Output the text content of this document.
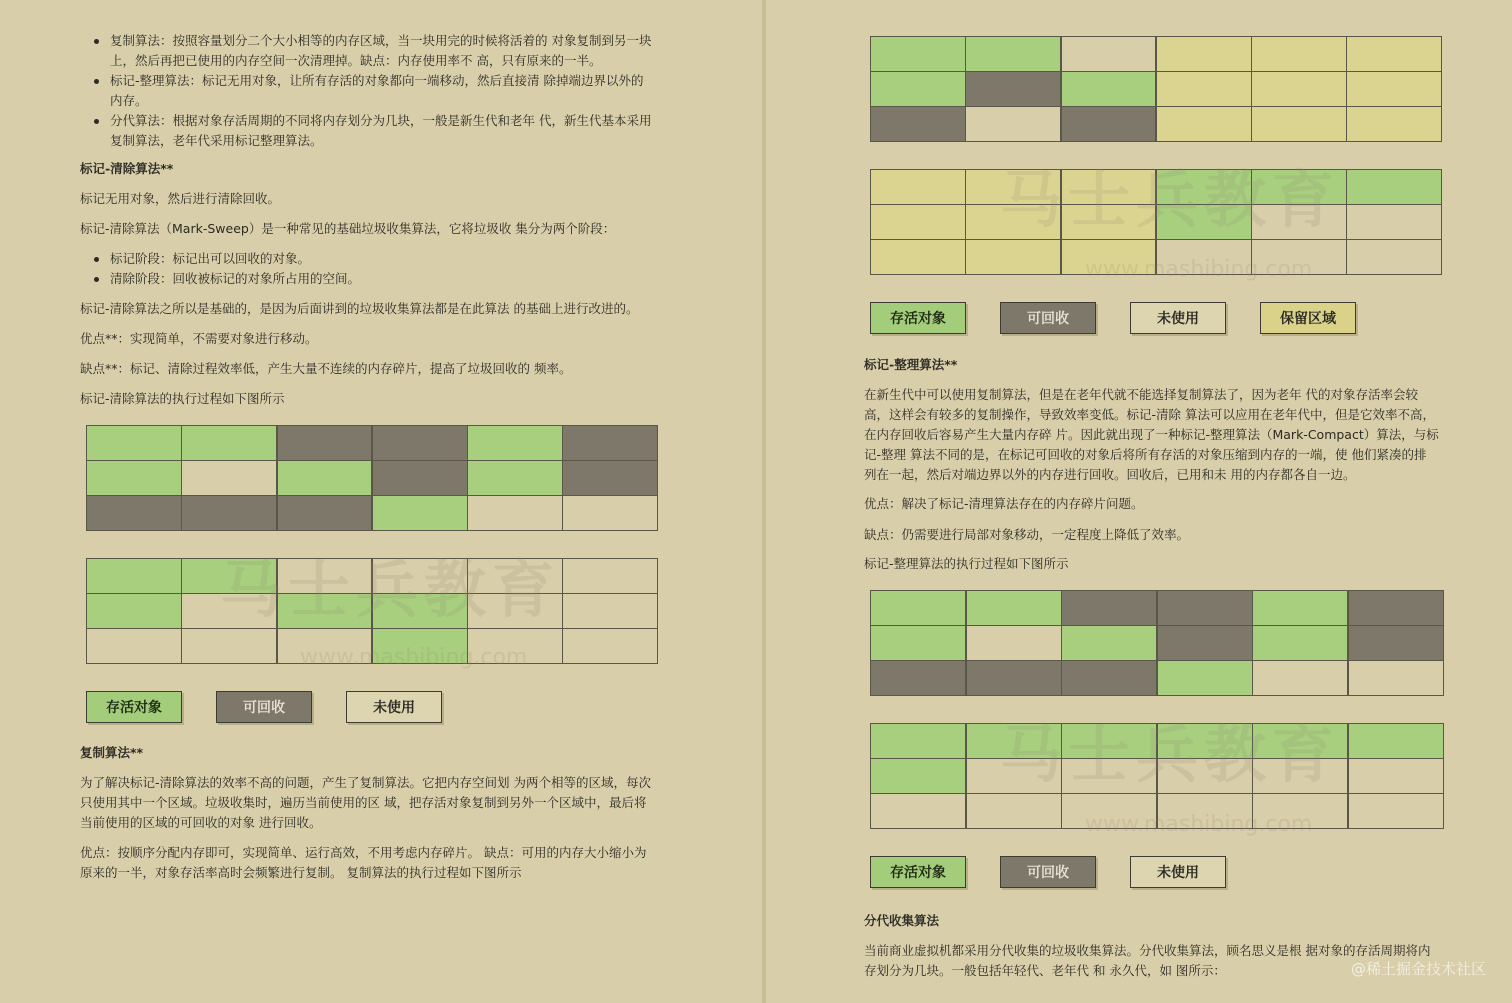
复制算法：按照容量划分二个大小相等的内存区域，当一块用完的时候将活着的 对象复制到另一块
上，然后再把已使用的内存空间一次清理掉。缺点：内存使用率不 高，只有原来的一半。
标记-整理算法：标记无用对象，让所有存活的对象都向一端移动，然后直接清 除掉端边界以外的
内存。
分代算法：根据对象存活周期的不同将内存划分为几块，一般是新生代和老年 代，新生代基本采用
复制算法，老年代采用标记整理算法。
标记-清除算法**
标记无用对象，然后进行清除回收。
标记-清除算法（Mark-Sweep）是一种常见的基础垃圾收集算法，它将垃圾收 集分为两个阶段：
标记阶段：标记出可以回收的对象。
清除阶段：回收被标记的对象所占用的空间。
标记-清除算法之所以是基础的，是因为后面讲到的垃圾收集算法都是在此算法 的基础上进行改进的。
优点**：实现简单，不需要对象进行移动。
缺点**：标记、清除过程效率低，产生大量不连续的内存碎片，提高了垃圾回收的 频率。
标记-清除算法的执行过程如下图所示
www.mashibing.com
存活对象	可回收	未使用
复制算法**
为了解决标记-清除算法的效率不高的问题，产生了复制算法。它把内存空间划 为两个相等的区域，每次
只使用其中一个区域。垃圾收集时，遍历当前使用的区 域，把存活对象复制到另外一个区域中，最后将
当前使用的区域的可回收的对象 进行回收。
优点：按顺序分配内存即可，实现简单、运行高效，不用考虑内存碎片。 缺点：可用的内存大小缩小为
原来的一半，对象存活率高时会频繁进行复制。 复制算法的执行过程如下图所示
www.mashibing.com
存活对象	可回收	未使用	保留区域
标记-整理算法**
在新生代中可以使用复制算法，但是在老年代就不能选择复制算法了，因为老年 代的对象存活率会较
高，这样会有较多的复制操作，导致效率变低。标记-清除 算法可以应用在老年代中，但是它效率不高，
在内存回收后容易产生大量内存碎 片。因此就出现了一种标记-整理算法（Mark-Compact）算法，与标
记-整理 算法不同的是，在标记可回收的对象后将所有存活的对象压缩到内存的一端，使 他们紧凑的排
列在一起，然后对端边界以外的内存进行回收。回收后，已用和未 用的内存都各自一边。
优点：解决了标记-清理算法存在的内存碎片问题。
缺点：仍需要进行局部对象移动，一定程度上降低了效率。
标记-整理算法的执行过程如下图所示
www.mashibing.com
存活对象	可回收	未使用
分代收集算法
当前商业虚拟机都采用分代收集的垃圾收集算法。分代收集算法，顾名思义是根 据对象的存活周期将内
存划分为几块。一般包括年轻代、老年代 和 永久代，如 图所示：	@稀土掘金技术社区
